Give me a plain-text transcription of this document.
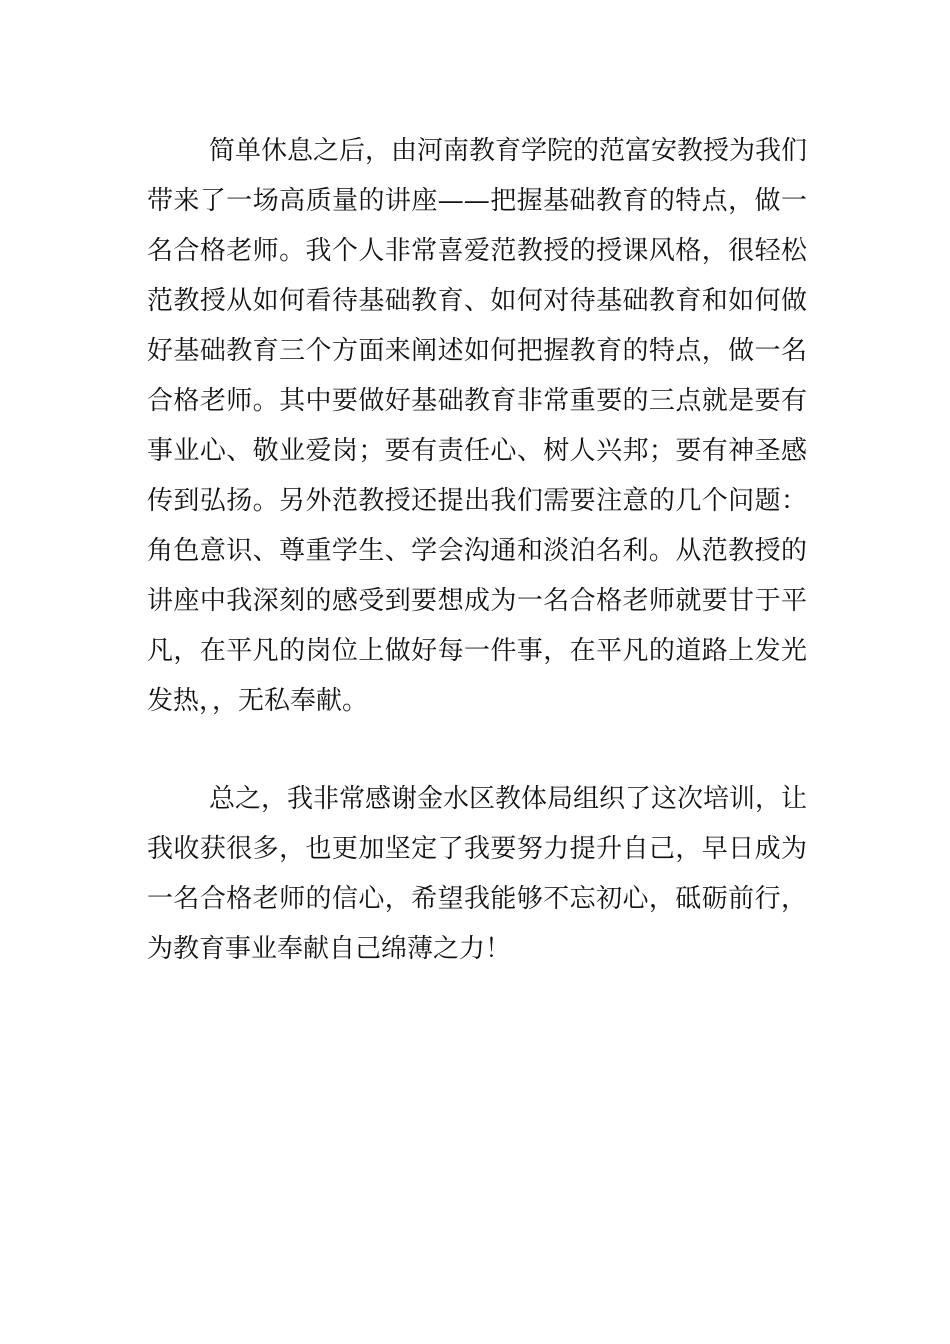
简单休息之后，由河南教育学院的范富安教授为我们
带来了一场高质量的讲座——把握基础教育的特点，做一
名合格老师。我个人非常喜爱范教授的授课风格，很轻松
范教授从如何看待基础教育、如何对待基础教育和如何做
好基础教育三个方面来阐述如何把握教育的特点，做一名
合格老师。其中要做好基础教育非常重要的三点就是要有
事业心、敬业爱岗；要有责任心、树人兴邦；要有神圣感
传到弘扬。另外范教授还提出我们需要注意的几个问题：
角色意识、尊重学生、学会沟通和淡泊名利。从范教授的
讲座中我深刻的感受到要想成为一名合格老师就要甘于平
凡，在平凡的岗位上做好每一件事，在平凡的道路上发光
发热，，无私奉献。
总之，我非常感谢金水区教体局组织了这次培训，让
我收获很多，也更加坚定了我要努力提升自己，早日成为
一名合格老师的信心，希望我能够不忘初心，砥砺前行，
为教育事业奉献自己绵薄之力！
